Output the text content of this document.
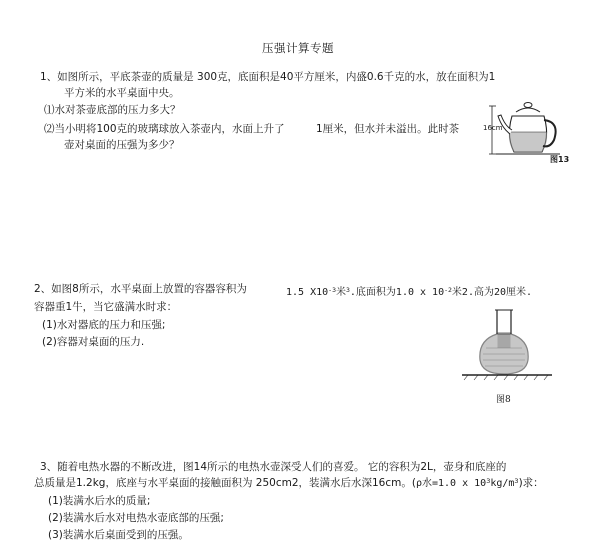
压强计算专题
1、如图所示，平底茶壶的质量是 300克，底面积是40平方厘米，内盛0.6千克的水，放在面积为1
平方米的水平桌面中央。
⑴水对茶壶底部的压力多大？
⑵当小明将100克的玻璃球放入茶壶内，水面上升了	1厘米，但水并未溢出。此时茶
壶对桌面的压强为多少？
16cm
图13
2、如图8所示，水平桌面上放置的容器容积为	1.5 $X10^{-3}$米$^3$.底面积为1.0 x $10^{-2}$米2.高为20厘米.
容器重1牛，当它盛满水时求：
(1)水对器底的压力和压强;
(2)容器对桌面的压力.
图8
3、随着电热水器的不断改进，图14所示的电热水壶深受人们的喜爱。 它的容积为2L，壶身和底座的
总质量是1.2kg，底座与水平桌面的接触面积为 250cm2，装满水后水深16cm。(ρ水=1.0 x $10^3kg/m^3$)求：
(1)装满水后水的质量;
(2)装满水后水对电热水壶底部的压强;
(3)装满水后桌面受到的压强。
